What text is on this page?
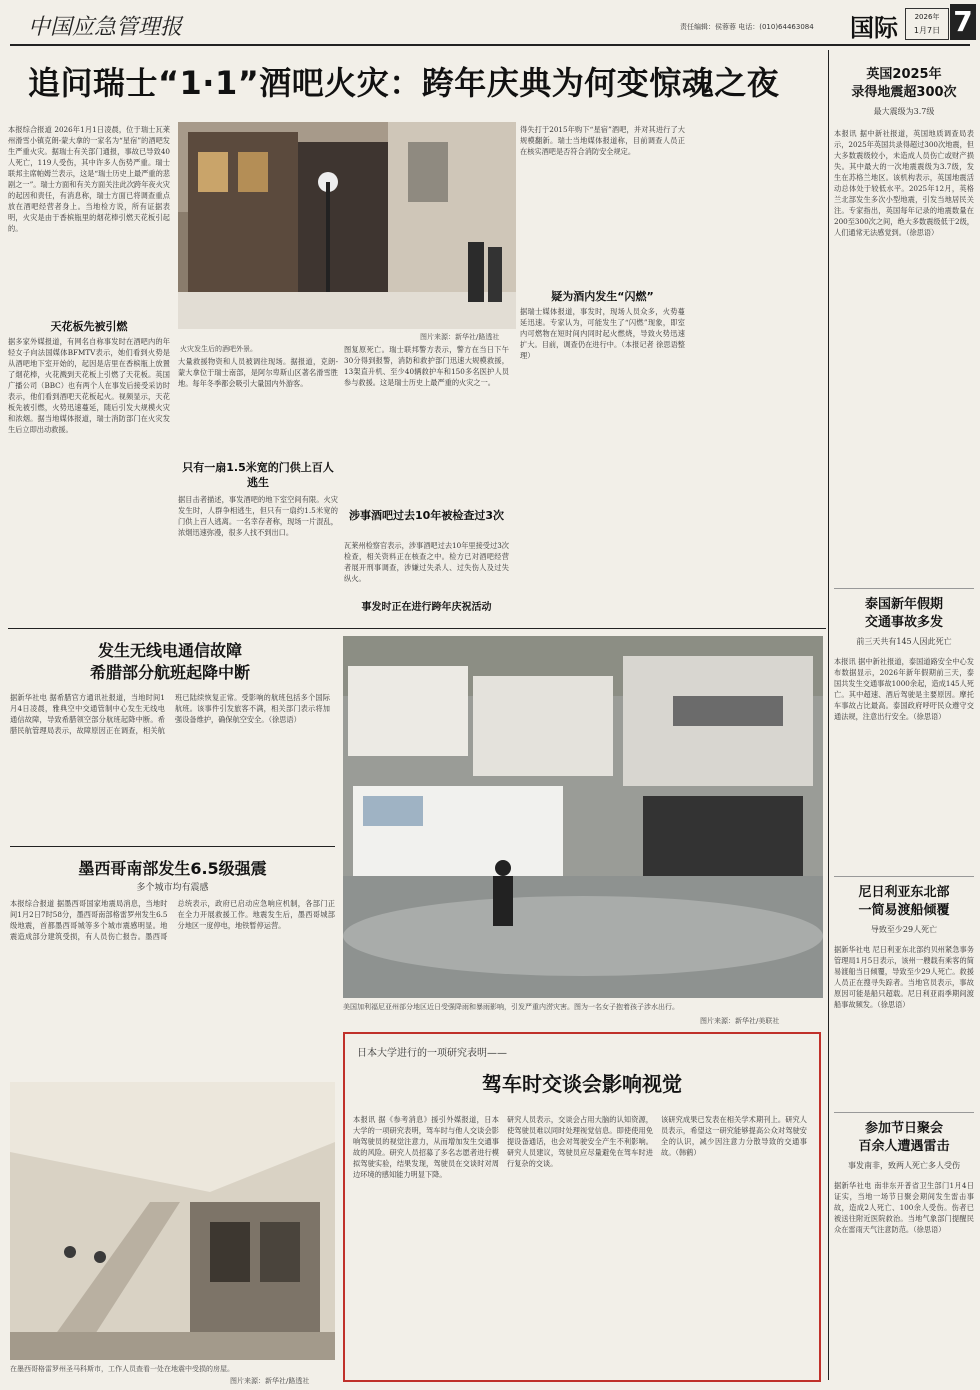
中国应急管理报	责任编辑：侯蓉蓉 电话：(010)64463084 国际	2026年
1月7日 7
追问瑞士“1·1”酒吧火灾：跨年庆典为何变惊魂之夜
本报综合报道 2026年1月1日凌晨，位于瑞士瓦莱州滑雪小镇克朗-蒙大拿的一家名为“星宿”的酒吧发生严重火灾。据瑞士有关部门通报，事故已导致40人死亡，119人受伤，其中许多人伤势严重。瑞士联邦主席帕姆兰表示，这是“瑞士历史上最严重的悲剧之一”。瑞士方面和有关方面关注此次跨年夜火灾的起因和责任，有消息称，瑞士方面已将调查重点放在酒吧经营者身上。当地检方说，所有证据表明，火灾是由于香槟瓶里的烟花棒引燃天花板引起的。
天花板先被引燃
据多家外媒报道，有网名自称事发时在酒吧内的年轻女子向法国媒体BFMTV表示，她们看到火势是从酒吧地下室开始的，起因是店里在香槟瓶上放置了烟花棒，火花溅到天花板上引燃了天花板。英国广播公司（BBC）也有两个人在事发后接受采访时表示，他们看到酒吧天花板起火。视频显示，天花板先被引燃，火势迅速蔓延，随后引发大规模火灾和浓烟。据当地媒体报道，瑞士消防部门在火灾发生后立即出动救援。
图片来源：新华社/路透社
火灾发生后的酒吧外景。
大量救援物资和人员被调往现场。据报道，克朗-蒙大拿位于瑞士南部，是阿尔卑斯山区著名滑雪胜地。每年冬季都会吸引大量国内外游客。
只有一扇1.5米宽的门供上百人逃生
据目击者描述，事发酒吧的地下室空间有限。火灾发生时，人群争相逃生，但只有一扇约1.5米宽的门供上百人逃离。一名幸存者称，现场一片混乱，浓烟迅速弥漫，很多人找不到出口。
图复原死亡。瑞士联邦警方表示，警方在当日下午30分得到报警，消防和救护部门迅速大规模救援，13架直升机、至少40辆救护车和150多名医护人员参与救援。这是瑞士历史上最严重的火灾之一。
涉事酒吧过去10年被检查过3次
瓦莱州检察官表示，涉事酒吧过去10年里接受过3次检查，相关资料正在核查之中。检方已对酒吧经营者展开刑事调查，涉嫌过失杀人、过失伤人及过失纵火。
事发时正在进行跨年庆祝活动
得失打于2015年购下“星宿”酒吧，并对其进行了大规模翻新。瑞士当地媒体报道称，目前调查人员正在核实酒吧是否符合消防安全规定。
疑为酒内发生“闪燃”
据瑞士媒体报道，事发时，现场人员众多，火势蔓延迅速。专家认为，可能发生了“闪燃”现象，即室内可燃物在短时间内同时起火燃烧，导致火势迅速扩大。目前，调查仍在进行中。（本报记者 徐思语整理）
英国2025年
录得地震超300次
最大震级为3.7级
本报讯 据中新社报道，英国地质调查局表示，2025年英国共录得超过300次地震，但大多数震级较小，未造成人员伤亡或财产损失。其中最大的一次地震震级为3.7级，发生在苏格兰地区。该机构表示，英国地震活动总体处于较低水平。2025年12月，英格兰北部发生多次小型地震，引发当地居民关注。专家指出，英国每年记录的地震数量在200至300次之间，绝大多数震级低于2级，人们通常无法感觉到。（徐思语）
泰国新年假期
交通事故多发
前三天共有145人因此死亡
本报讯 据中新社报道，泰国道路安全中心发布数据显示，2026年新年假期前三天，泰国共发生交通事故1000余起，造成145人死亡。其中超速、酒后驾驶是主要原因。摩托车事故占比最高。泰国政府呼吁民众遵守交通法规，注意出行安全。（徐思语）
尼日利亚东北部
一简易渡船倾覆
导致至少29人死亡
据新华社电 尼日利亚东北部约贝州紧急事务管理局1月5日表示，该州一艘载有乘客的简易渡船当日倾覆，导致至少29人死亡。救援人员正在搜寻失踪者。当地官员表示，事故原因可能是船只超载。尼日利亚雨季期间渡船事故频发。（徐思语）
参加节日聚会
百余人遭遇雷击
事发南非，致两人死亡多人受伤
据新华社电 南非东开普省卫生部门1月4日证实，当地一场节日聚会期间发生雷击事故，造成2人死亡、100余人受伤。伤者已被送往附近医院救治。当地气象部门提醒民众在雷雨天气注意防范。（徐思语）
发生无线电通信故障
希腊部分航班起降中断
据新华社电 据希腊官方通讯社报道，当地时间1月4日凌晨，雅典空中交通管制中心发生无线电通信故障，导致希腊领空部分航班起降中断。希腊民航管理局表示，故障原因正在调查，相关航班已陆续恢复正常。受影响的航班包括多个国际航班。该事件引发旅客不满，相关部门表示将加强设备维护，确保航空安全。（徐思语）
墨西哥南部发生6.5级强震
多个城市均有震感
本报综合报道 据墨西哥国家地震局消息，当地时间1月2日7时58分，墨西哥南部格雷罗州发生6.5级地震，首都墨西哥城等多个城市震感明显。地震造成部分建筑受损，有人员伤亡报告。墨西哥总统表示，政府已启动应急响应机制，各部门正在全力开展救援工作。地震发生后，墨西哥城部分地区一度停电，地铁暂停运营。
在墨西哥格雷罗州圣马科斯市，工作人员查看一处在地震中受损的房屋。
图片来源：新华社/路透社
美国加利福尼亚州部分地区近日受强降雨和暴雨影响，引发严重内涝灾害。图为一名女子抱着孩子涉水出行。
图片来源：新华社/美联社
日本大学进行的一项研究表明——
驾车时交谈会影响视觉
本报讯 据《参考消息》援引外媒报道，日本大学的一项研究表明，驾车时与他人交谈会影响驾驶员的视觉注意力，从而增加发生交通事故的风险。研究人员招募了多名志愿者进行模拟驾驶实验，结果发现，驾驶员在交谈时对周边环境的感知能力明显下降。
研究人员表示，交谈会占用大脑的认知资源，使驾驶员难以同时处理视觉信息。即使使用免提设备通话，也会对驾驶安全产生不利影响。研究人员建议，驾驶员应尽量避免在驾车时进行复杂的交谈。
该研究成果已发表在相关学术期刊上。研究人员表示，希望这一研究能够提高公众对驾驶安全的认识，减少因注意力分散导致的交通事故。（韩鹤）
